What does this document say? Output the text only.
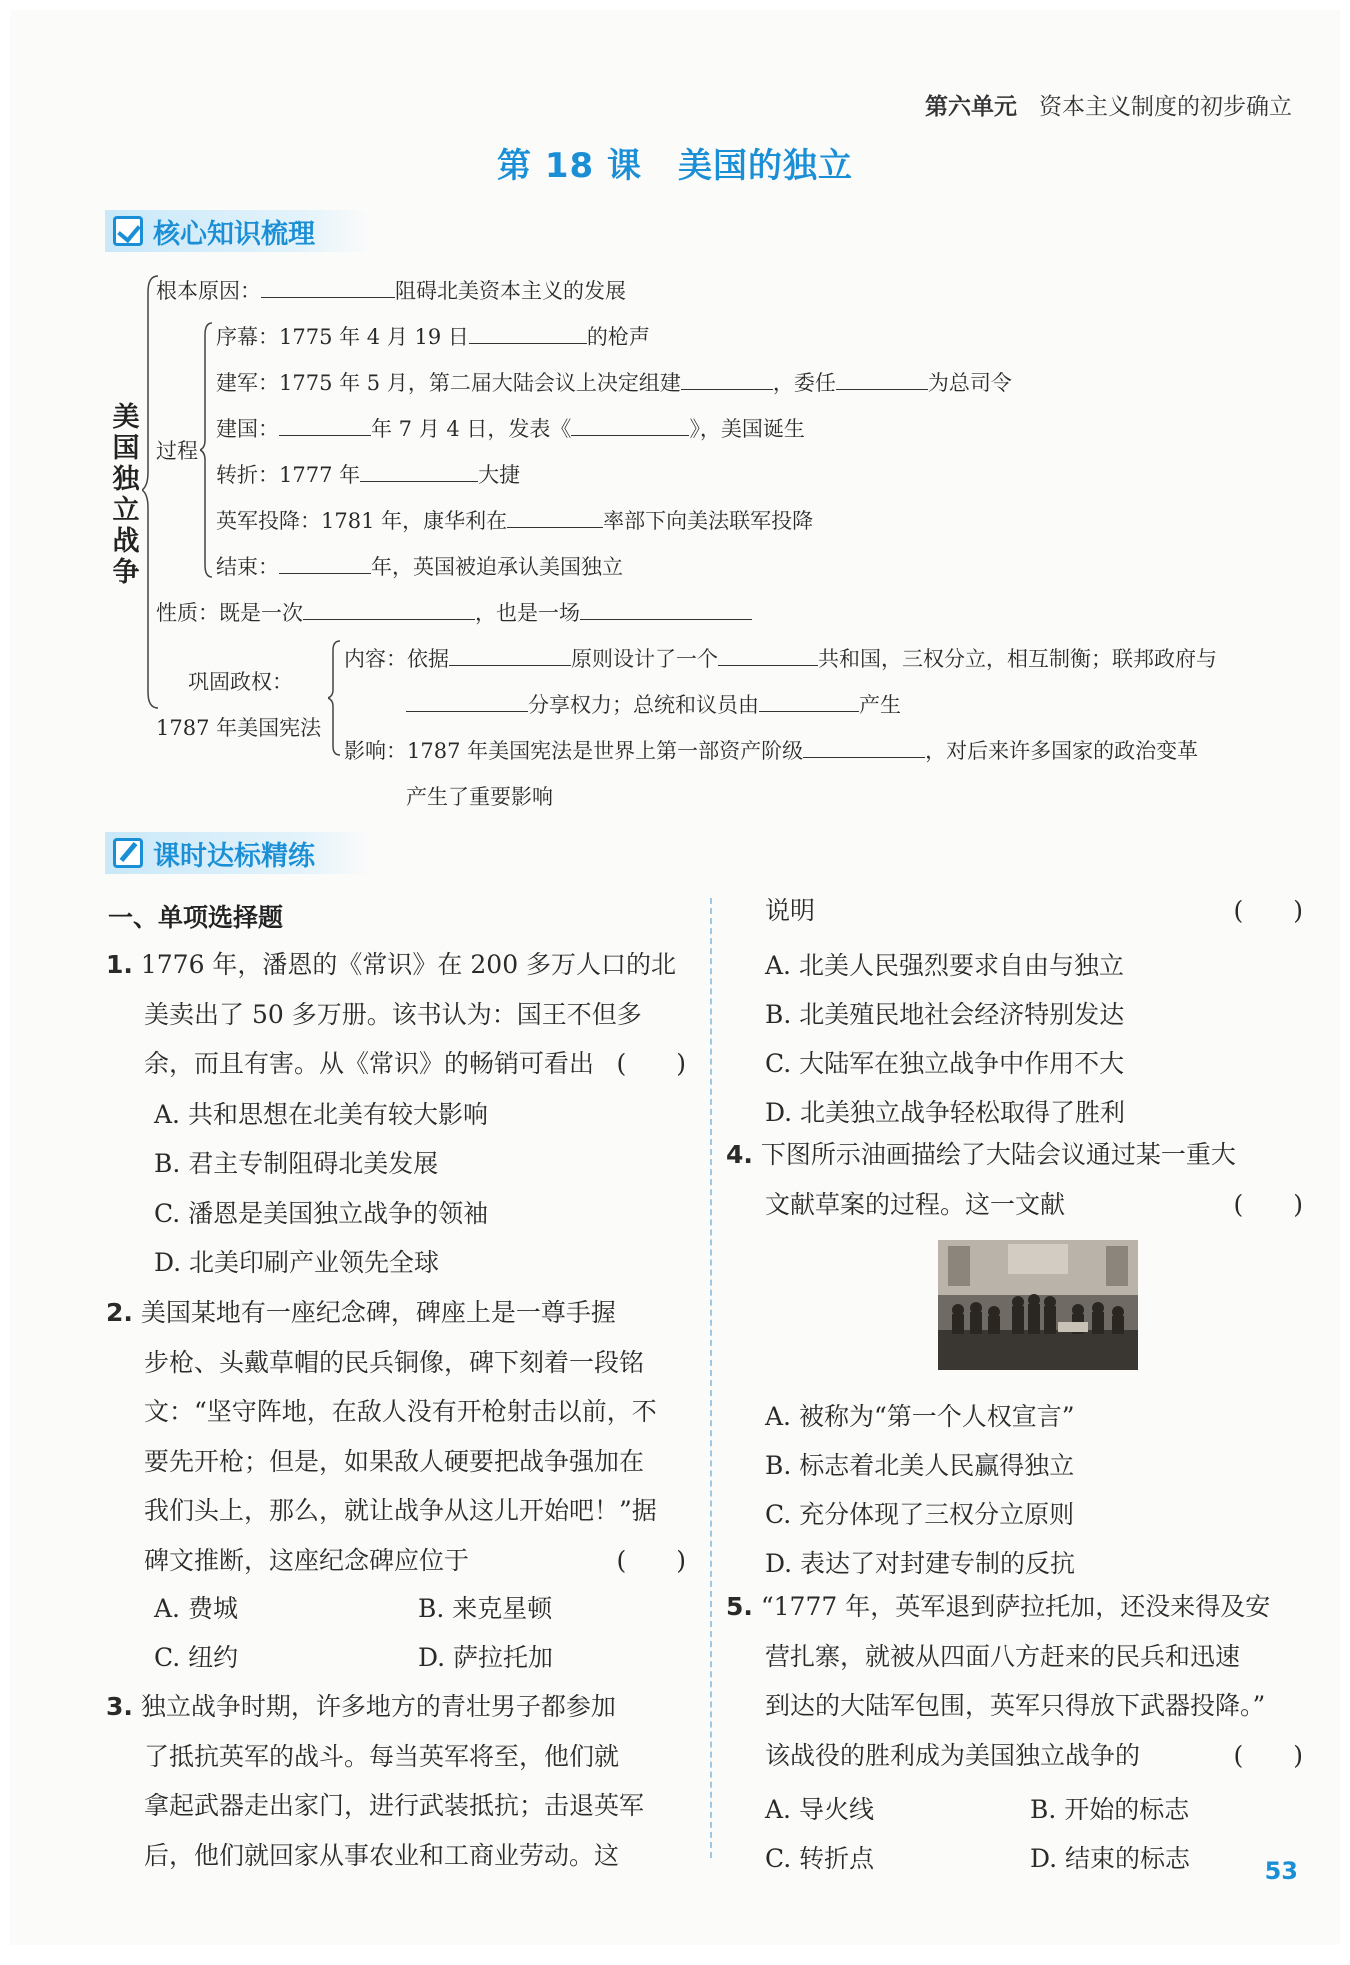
第六单元 资本主义制度的初步确立
第 18 课 美国的独立
核心知识梳理
美
国
独
立
战
争
根本原因：	阻碍北美资本主义的发展
过程
序幕：1775 年 4 月 19 日	的枪声
建军：1775 年 5 月，第二届大陆会议上决定组建	，委任	为总司令
建国：	年 7 月 4 日，发表《	》，美国诞生
转折：1777 年	大捷
英军投降：1781 年，康华利在	率部下向美法联军投降
结束：	年，英国被迫承认美国独立
性质：既是一次	，也是一场
巩固政权：
1787 年美国宪法
内容：依据	原则设计了一个	共和国，三权分立，相互制衡；联邦政府与
分享权力；总统和议员由	产生
影响：1787 年美国宪法是世界上第一部资产阶级	，对后来许多国家的政治变革
产生了重要影响
课时达标精练
一、单项选择题
1. 1776 年，潘恩的《常识》在 200 多万人口的北
美卖出了 50 多万册。该书认为：国王不但多
余，而且有害。从《常识》的畅销可看出 (　　)
A. 共和思想在北美有较大影响
B. 君主专制阻碍北美发展
C. 潘恩是美国独立战争的领袖
D. 北美印刷产业领先全球
2. 美国某地有一座纪念碑，碑座上是一尊手握
步枪、头戴草帽的民兵铜像，碑下刻着一段铭
文：“坚守阵地，在敌人没有开枪射击以前，不
要先开枪；但是，如果敌人硬要把战争强加在
我们头上，那么，就让战争从这儿开始吧！”据
碑文推断，这座纪念碑应位于	(　　)
A. 费城	B. 来克星顿
C. 纽约	D. 萨拉托加
3. 独立战争时期，许多地方的青壮男子都参加
了抵抗英军的战斗。每当英军将至，他们就
拿起武器走出家门，进行武装抵抗；击退英军
后，他们就回家从事农业和工商业劳动。这
说明	(　　)
A. 北美人民强烈要求自由与独立
B. 北美殖民地社会经济特别发达
C. 大陆军在独立战争中作用不大
D. 北美独立战争轻松取得了胜利
4. 下图所示油画描绘了大陆会议通过某一重大
文献草案的过程。这一文献	(　　)
A. 被称为“第一个人权宣言”
B. 标志着北美人民赢得独立
C. 充分体现了三权分立原则
D. 表达了对封建专制的反抗
5. “1777 年，英军退到萨拉托加，还没来得及安
营扎寨，就被从四面八方赶来的民兵和迅速
到达的大陆军包围，英军只得放下武器投降。”
该战役的胜利成为美国独立战争的	(　　)
A. 导火线	B. 开始的标志
C. 转折点	D. 结束的标志	53
